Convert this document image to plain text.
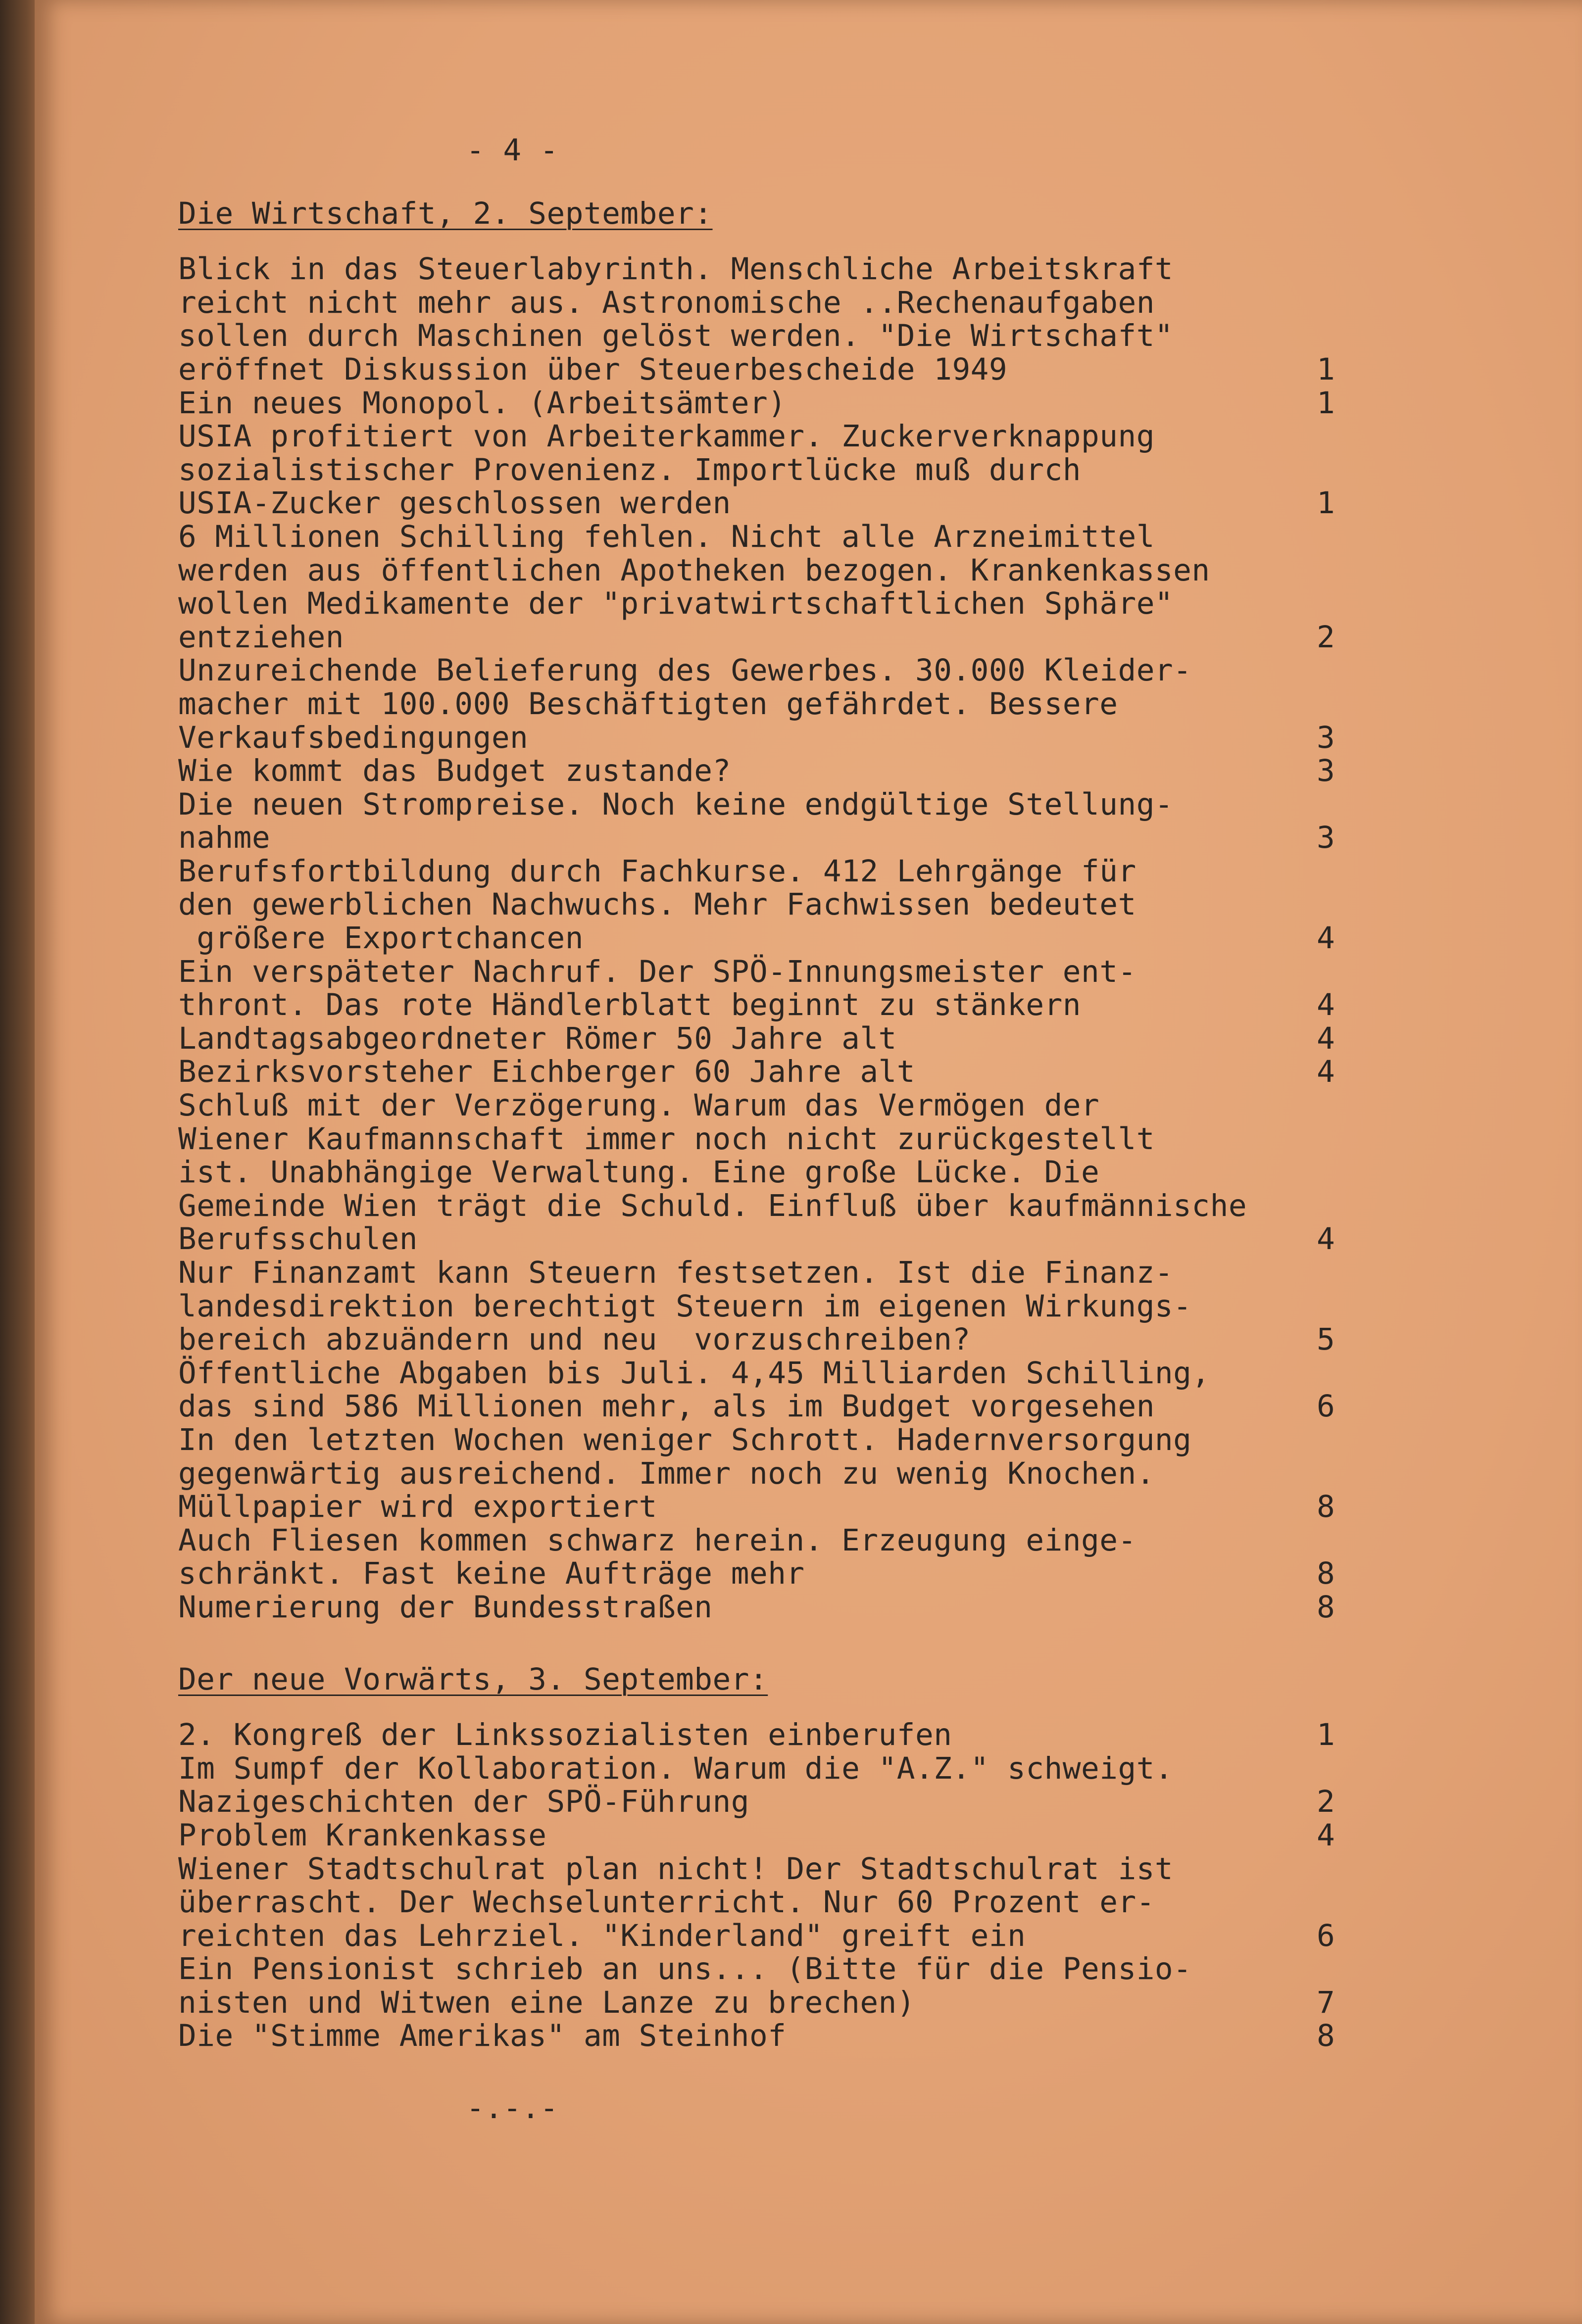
- 4 -
Die Wirtschaft, 2. September:
Blick in das Steuerlabyrinth. Menschliche Arbeitskraft
reicht nicht mehr aus. Astronomische ..Rechenaufgaben
sollen durch Maschinen gelöst werden. "Die Wirtschaft"
eröffnet Diskussion über Steuerbescheide 1949	1
Ein neues Monopol. (Arbeitsämter)	1
USIA profitiert von Arbeiterkammer. Zuckerverknappung
sozialistischer Provenienz. Importlücke muß durch
USIA-Zucker geschlossen werden	1
6 Millionen Schilling fehlen. Nicht alle Arzneimittel
werden aus öffentlichen Apotheken bezogen. Krankenkassen
wollen Medikamente der "privatwirtschaftlichen Sphäre"
entziehen	2
Unzureichende Belieferung des Gewerbes. 30.000 Kleider-
macher mit 100.000 Beschäftigten gefährdet. Bessere
Verkaufsbedingungen	3
Wie kommt das Budget zustande?	3
Die neuen Strompreise. Noch keine endgültige Stellung-
nahme	3
Berufsfortbildung durch Fachkurse. 412 Lehrgänge für
den gewerblichen Nachwuchs. Mehr Fachwissen bedeutet
größere Exportchancen	4
Ein verspäteter Nachruf. Der SPÖ-Innungsmeister ent-
thront. Das rote Händlerblatt beginnt zu stänkern	4
Landtagsabgeordneter Römer 50 Jahre alt	4
Bezirksvorsteher Eichberger 60 Jahre alt	4
Schluß mit der Verzögerung. Warum das Vermögen der
Wiener Kaufmannschaft immer noch nicht zurückgestellt
ist. Unabhängige Verwaltung. Eine große Lücke. Die
Gemeinde Wien trägt die Schuld. Einfluß über kaufmännische
Berufsschulen	4
Nur Finanzamt kann Steuern festsetzen. Ist die Finanz-
landesdirektion berechtigt Steuern im eigenen Wirkungs-
bereich abzuändern und neu  vorzuschreiben?	5
Öffentliche Abgaben bis Juli. 4,45 Milliarden Schilling,
das sind 586 Millionen mehr, als im Budget vorgesehen	6
In den letzten Wochen weniger Schrott. Hadernversorgung
gegenwärtig ausreichend. Immer noch zu wenig Knochen.
Müllpapier wird exportiert	8
Auch Fliesen kommen schwarz herein. Erzeugung einge-
schränkt. Fast keine Aufträge mehr	8
Numerierung der Bundesstraßen	8
Der neue Vorwärts, 3. September:
2. Kongreß der Linkssozialisten einberufen	1
Im Sumpf der Kollaboration. Warum die "A.Z." schweigt.
Nazigeschichten der SPÖ-Führung	2
Problem Krankenkasse	4
Wiener Stadtschulrat plan nicht! Der Stadtschulrat ist
überrascht. Der Wechselunterricht. Nur 60 Prozent er-
reichten das Lehrziel. "Kinderland" greift ein	6
Ein Pensionist schrieb an uns... (Bitte für die Pensio-
nisten und Witwen eine Lanze zu brechen)	7
Die "Stimme Amerikas" am Steinhof	8
-.-.-
